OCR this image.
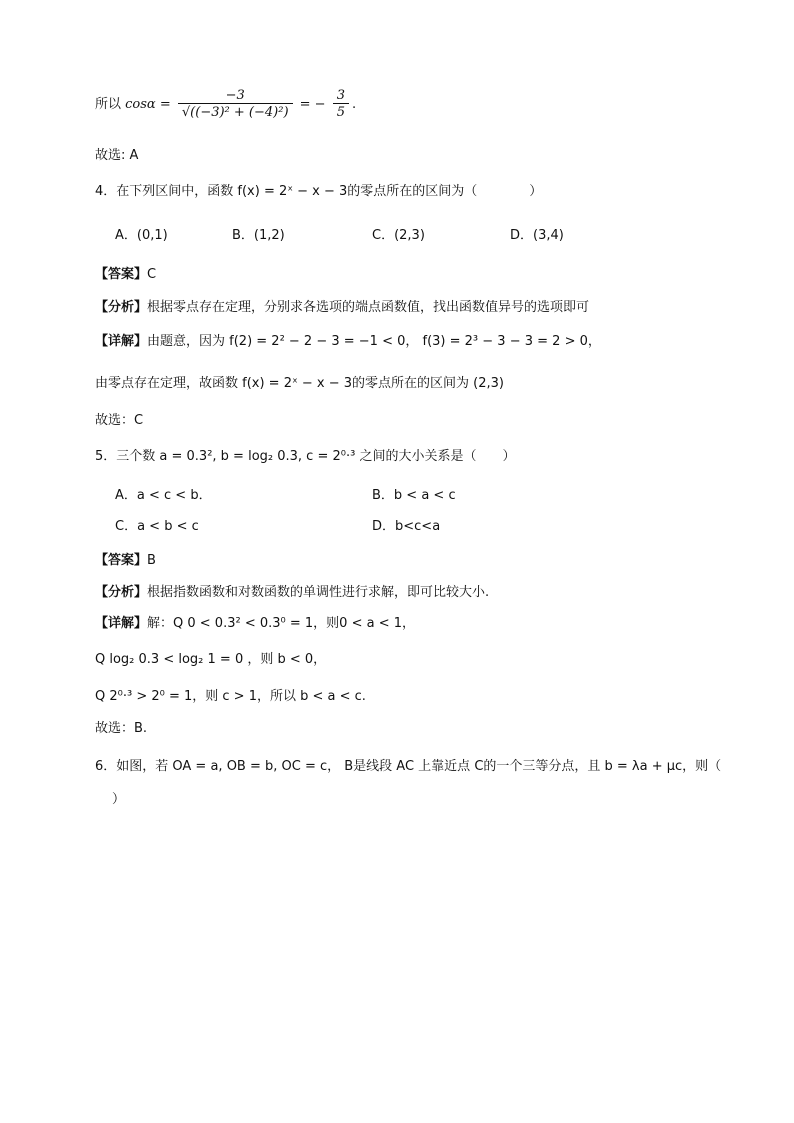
所以 $\cos\alpha = \frac{-3}{\text{√((−3)² + (−4)²)}}$ = − $\frac{3}{5}$ .
故选: A
4．在下列区间中，函数 f(x) = 2ˣ − x − 3的零点所在的区间为（　　　　）
A．(0,1)	B．(1,2)	C．(2,3)	D．(3,4)
【答案】C
【分析】根据零点存在定理，分别求各选项的端点函数值，找出函数值异号的选项即可
【详解】由题意，因为 f(2) = 2² − 2 − 3 = −1 < 0， f(3) = 2³ − 3 − 3 = 2 > 0，
由零点存在定理，故函数 f(x) = 2ˣ − x − 3的零点所在的区间为 (2,3)
故选：C
5．三个数 a = 0.3², b = log₂ 0.3, c = 2⁰·³ 之间的大小关系是（　　）
A．a < c < b．	B．b < a < c
C．a < b < c	D．b<c<a
【答案】B
【分析】根据指数函数和对数函数的单调性进行求解，即可比较大小.
【详解】解：Q 0 < 0.3² < 0.3⁰ = 1，则0 < a < 1，
Q log₂ 0.3 < log₂ 1 = 0 ，则 b < 0，
Q 2⁰·³ > 2⁰ = 1，则 c > 1，所以 b < a < c.
故选：B.
6．如图，若 OA = a, OB = b, OC = c， B是线段 AC 上靠近点 C的一个三等分点，且 b = λa + μc，则（
）
